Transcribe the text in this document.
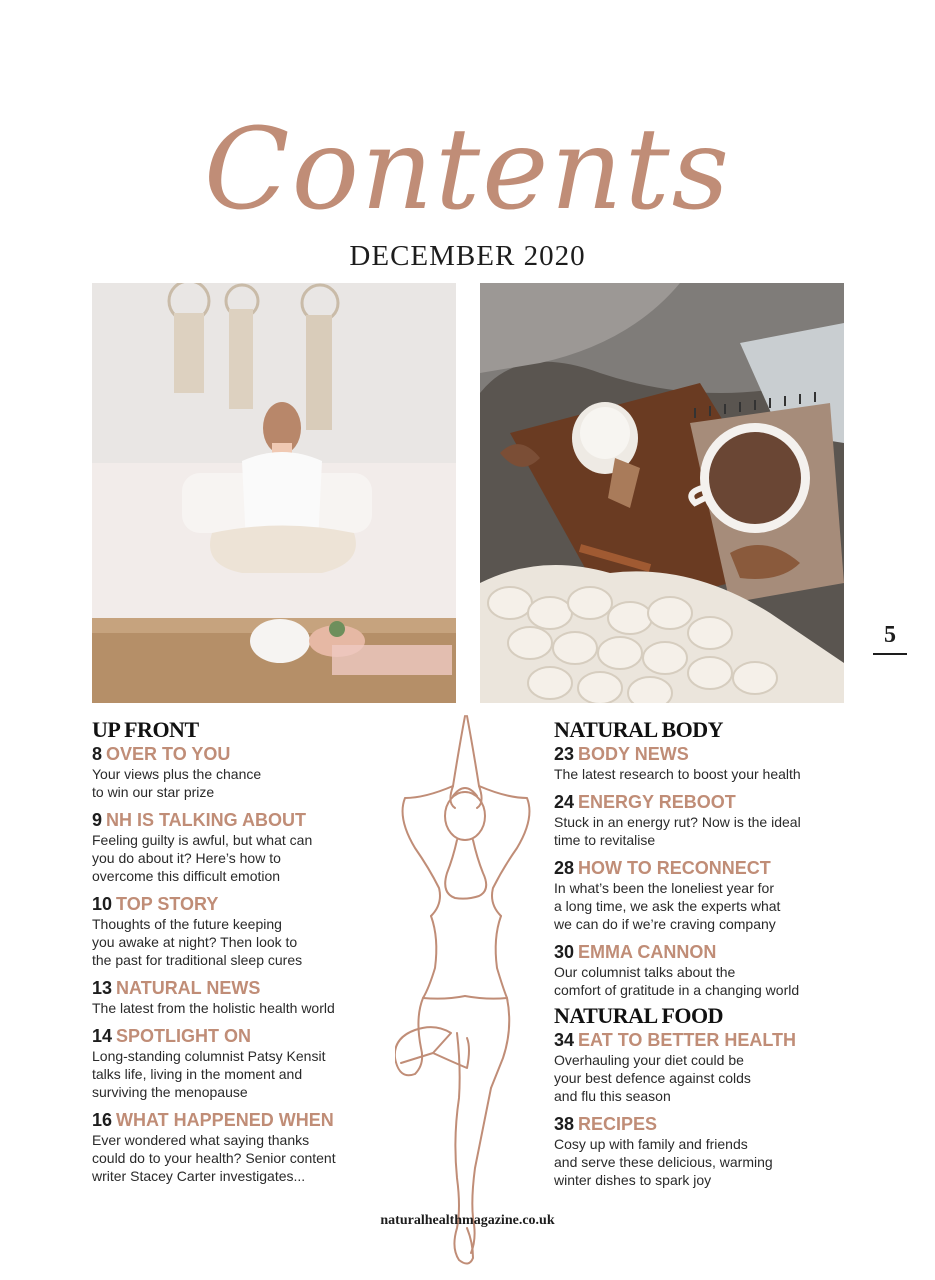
Contents
DECEMBER 2020
5
UP FRONT
8 OVER TO YOU
Your views plus the chance
to win our star prize
9 NH IS TALKING ABOUT
Feeling guilty is awful, but what can
you do about it? Here’s how to
overcome this difficult emotion
10 TOP STORY
Thoughts of the future keeping
you awake at night? Then look to
the past for traditional sleep cures
13 NATURAL NEWS
The latest from the holistic health world
14 SPOTLIGHT ON
Long-standing columnist Patsy Kensit
talks life, living in the moment and
surviving the menopause
16 WHAT HAPPENED WHEN
Ever wondered what saying thanks
could do to your health? Senior content
writer Stacey Carter investigates...
NATURAL BODY
23 BODY NEWS
The latest research to boost your health
24 ENERGY REBOOT
Stuck in an energy rut? Now is the ideal
time to revitalise
28 HOW TO RECONNECT
In what’s been the loneliest year for
a long time, we ask the experts what
we can do if we’re craving company
30 EMMA CANNON
Our columnist talks about the
comfort of gratitude in a changing world
NATURAL FOOD
34 EAT TO BETTER HEALTH
Overhauling your diet could be
your best defence against colds
and flu this season
38 RECIPES
Cosy up with family and friends
and serve these delicious, warming
winter dishes to spark joy
naturalhealthmagazine.co.uk
